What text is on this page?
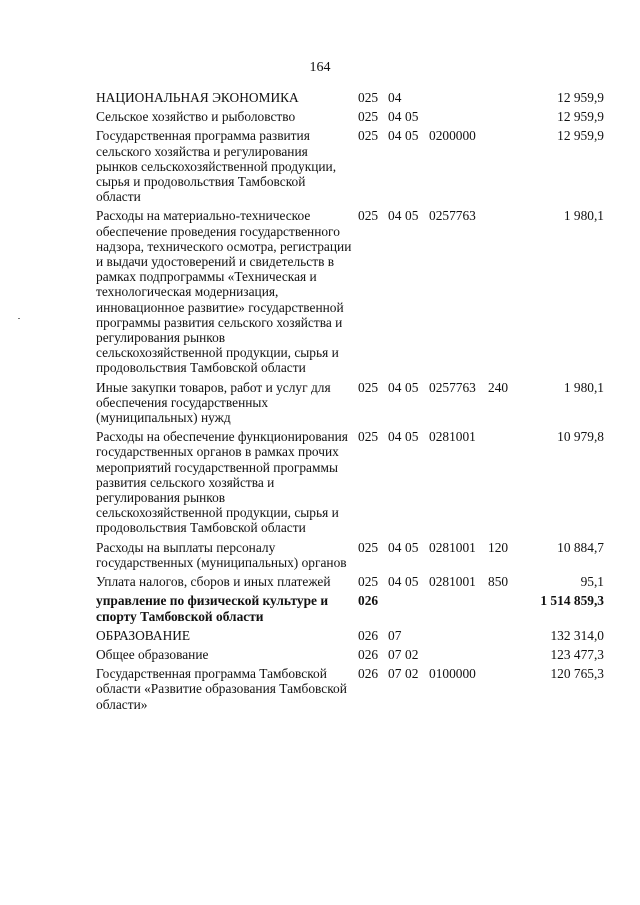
164
НАЦИОНАЛЬНАЯ ЭКОНОМИКА	025	04				12 959,9
Сельское хозяйство и рыболовство	025	04	05			12 959,9
Государственная программа развития сельского хозяйства и регулирования рынков сельскохозяйственной продукции, сырья и продовольствия Тамбовской области	025	04	05	0200000		12 959,9
Расходы на материально-техническое обеспечение проведения государственного надзора, технического осмотра, регистрации и выдачи удостоверений и свидетельств в рамках подпрограммы «Техническая и технологическая модернизация, инновационное развитие» государственной программы развития сельского хозяйства и регулирования рынков сельскохозяйственной продукции, сырья и продовольствия Тамбовской области	025	04	05	0257763		1 980,1
Иные закупки товаров, работ и услуг для обеспечения государственных (муниципальных) нужд	025	04	05	0257763	240	1 980,1
Расходы на обеспечение функционирования государственных органов в рамках прочих мероприятий государственной программы развития сельского хозяйства и регулирования рынков сельскохозяйственной продукции, сырья и продовольствия Тамбовской области	025	04	05	0281001		10 979,8
Расходы на выплаты персоналу государственных (муниципальных) органов	025	04	05	0281001	120	10 884,7
Уплата налогов, сборов и иных платежей	025	04	05	0281001	850	95,1
управление по физической культуре и спорту Тамбовской области	026					1 514 859,3
ОБРАЗОВАНИЕ	026	07				132 314,0
Общее образование	026	07	02			123 477,3
Государственная программа Тамбовской области «Развитие образования Тамбовской области»	026	07	02	0100000		120 765,3
